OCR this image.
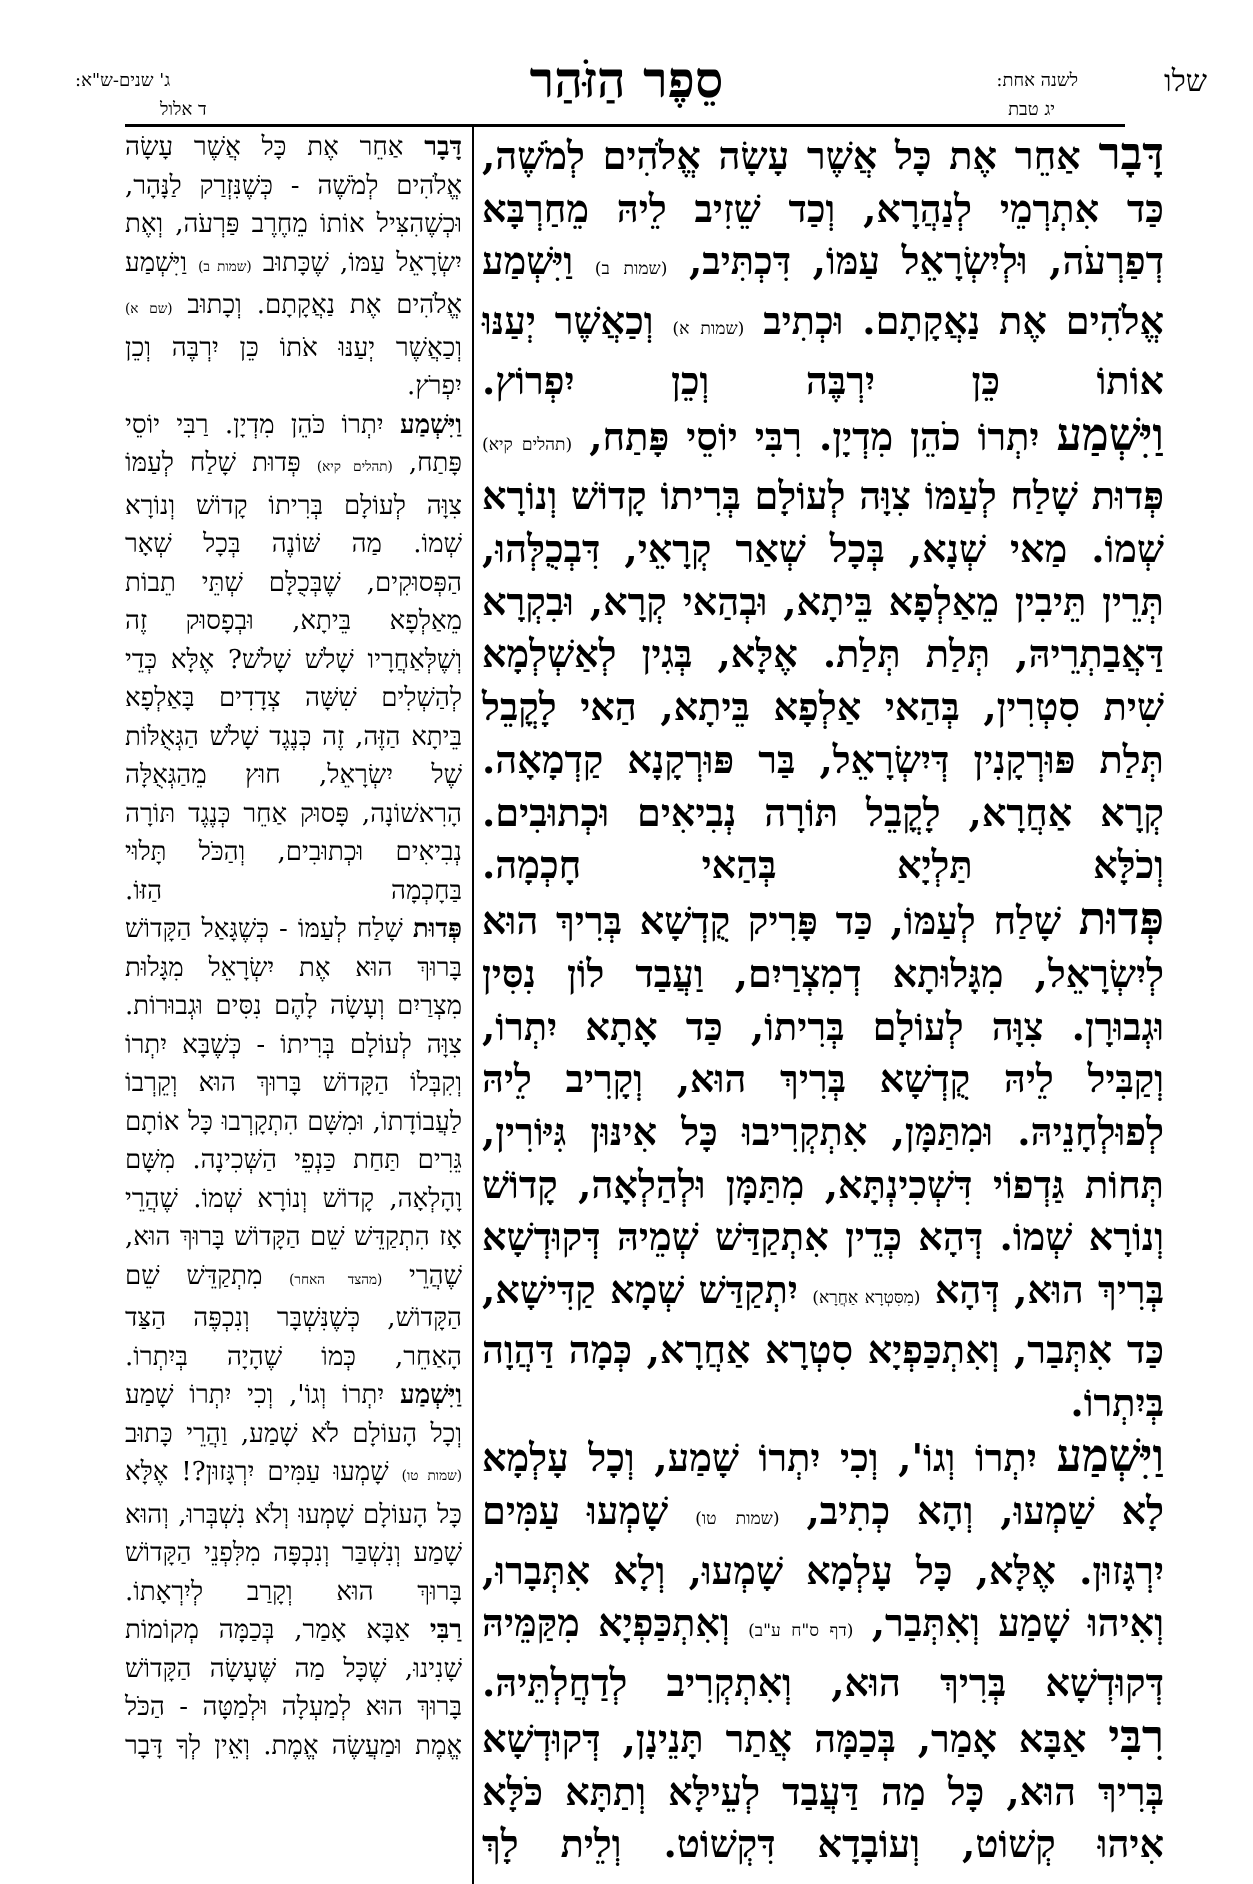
שלו
לשנה אחת:
יג טבת
סֵפֶר הַזֹּהַר
ג' שנים-ש"א:
ד אלול

דָּבָר אַחֵר אֶת כָּל אֲשֶׁר עָשָׂה אֱלֹהִים לְמֹשֶׁה, כַּד אִתְרְמֵי לְנַהֲרָא, וְכַד שֵׁזִיב לֵיהּ מֵחַרְבָּא דְפַרְעֹה, וּלְיִשְׂרָאֵל עַמּוֹ, דִּכְתִּיב, (שמות ב) וַיִּשְׁמַע אֱלֹהִים אֶת נַאֲקָתָם. וּכְתִיב (שמות א) וְכַאֲשֶׁר יְעַנּוּ אוֹתוֹ כֵּן יִרְבֶּה וְכֵן יִפְרוֹץ.

וַיִּשְׁמַע יִתְרוֹ כֹהֵן מִדְיָן. רִבִּי יוֹסֵי פָּתַח, (תהלים קיא) פְּדוּת שָׁלַח לְעַמּוֹ צִוָּה לְעוֹלָם בְּרִיתוֹ קָדוֹשׁ וְנוֹרָא שְׁמוֹ. מַאי שְׁנָא, בְּכָל שְׁאַר קְרָאֵי, דִּבְכֻלְּהוּ, תְּרֵין תֵּיבִין מֵאַלְפָא בֵּיתָא, וּבְהַאי קְרָא, וּבִקְרָא דַּאֲבַתְרֵיהּ, תְּלַת תְּלַת. אֶלָּא, בְּגִין לְאַשְׁלְמָא שִׁית סִטְרִין, בְּהַאי אַלְפָא בֵּיתָא, הַאי לָקֳבֵל תְּלַת פּוּרְקָנִין דְּיִשְׂרָאֵל, בַּר פּוּרְקָנָא קַדְמָאָה. קְרָא אַחֲרָא, לָקֳבֵל תּוֹרָה נְבִיאִים וּכְתוּבִים. וְכֹלָּא תַּלְיָא בְּהַאי חָכְמָה.

פְּדוּת שָׁלַח לְעַמּוֹ, כַּד פָּרִיק קֻדְשָׁא בְּרִיךְ הוּא לְיִשְׂרָאֵל, מִגָּלוּתָא דְמִצְרַיִם, וַעֲבַד לוֹן נִסִּין וּגְבוּרָן. צִוָּה לְעוֹלָם בְּרִיתוֹ, כַּד אָתָא יִתְרוֹ, וְקַבִּיל לֵיהּ קֻדְשָׁא בְּרִיךְ הוּא, וְקָרִיב לֵיהּ לְפוּלְחָנֵיהּ. וּמִתַּמָּן, אִתְקְרִיבוּ כָּל אִינּוּן גִּיּוֹרִין, תְּחוֹת גַּדְפוֹי דִּשְׁכִינְתָּא, מִתַּמָּן וּלְהַלְאָה, קָדוֹשׁ וְנוֹרָא שְׁמוֹ. דְּהָא כְּדֵין אִתְקַדַּשׁ שְׁמֵיהּ דְּקוּדְשָׁא בְּרִיךְ הוּא, דְּהָא (מִסִּטְרָא אַחֲרָא) יִתְקַדַּשׁ שְׁמָא קַדִּישָׁא, כַּד אִתְּבַר, וְאִתְכַּפְיָא סִטְרָא אַחֲרָא, כְּמָה דַּהֲוָה בְּיִתְרוֹ.

וַיִּשְׁמַע יִתְרוֹ וְגוֹ', וְכִי יִתְרוֹ שָׁמַע, וְכָל עָלְמָא לָא שַׁמְעוּ, וְהָא כְתִיב, (שמות טו) שָׁמְעוּ עַמִּים יִרְגָּזוּן. אֶלָּא, כָּל עָלְמָא שָׁמְעוּ, וְלָא אִתְּבָרוּ, וְאִיהוּ שָׁמַע וְאִתְּבַר, (דף ס"ח ע"ב) וְאִתְכַּפְיָא מִקַּמֵּיהּ דְּקוּדְשָׁא בְּרִיךְ הוּא, וְאִתְקְרִיב לְדַחֲלְתֵּיהּ.

רִבִּי אַבָּא אָמַר, בְּכַמָּה אֲתַר תָּנֵינָן, דְּקוּדְשָׁא בְּרִיךְ הוּא, כָּל מַה דַּעֲבַד לְעֵילָּא וְתַתָּא כֹּלָּא אִיהוּ קְשׁוֹט, וְעוֹבָדָא דִּקְשׁוֹט. וְלֵית לָךְ

דָּבָר אַחֵר אֶת כָּל אֲשֶׁר עָשָׂה אֱלֹהִים לְמֹשֶׁה - כְּשֶׁנִּזְרַק לַנָּהָר, וּכְשֶׁהִצִּיל אוֹתוֹ מֵחֶרֶב פַּרְעֹה, וְאֶת יִשְׂרָאֵל עַמּוֹ, שֶׁכָּתוּב (שמות ב) וַיִּשְׁמַע אֱלֹהִים אֶת נַאֲקָתָם. וְכָתוּב (שם א) וְכַאֲשֶׁר יְעַנּוּ אֹתוֹ כֵּן יִרְבֶּה וְכֵן יִפְרֹץ.

וַיִּשְׁמַע יִתְרוֹ כֹּהֵן מִדְיָן. רַבִּי יוֹסֵי פָּתַח, (תהלים קיא) פְּדוּת שָׁלַח לְעַמּוֹ צִוָּה לְעוֹלָם בְּרִיתוֹ קָדוֹשׁ וְנוֹרָא שְׁמוֹ. מַה שּׁוֹנֶה בְּכָל שְׁאָר הַפְּסוּקִים, שֶׁבְּכֻלָּם שְׁתֵּי תֵבוֹת מֵאַלְפָא בֵּיתָא, וּבְפָסוּק זֶה וְשֶׁלְּאַחֲרָיו שָׁלֹשׁ שָׁלֹשׁ? אֶלָּא כְּדֵי לְהַשְׁלִים שִׁשָּׁה צְדָדִים בָּאַלְפָא בֵּיתָא הַזֶּה, זֶה כְּנֶגֶד שָׁלֹשׁ הַגְּאֻלּוֹת שֶׁל יִשְׂרָאֵל, חוּץ מֵהַגְּאֻלָּה הָרִאשׁוֹנָה, פָּסוּק אַחֵר כְּנֶגֶד תּוֹרָה נְבִיאִים וּכְתוּבִים, וְהַכֹּל תָּלוּי בַּחָכְמָה הַזּוֹ.

פְּדוּת שָׁלַח לְעַמּוֹ - כְּשֶׁגָּאַל הַקָּדוֹשׁ בָּרוּךְ הוּא אֶת יִשְׂרָאֵל מִגָּלוּת מִצְרַיִם וְעָשָׂה לָהֶם נִסִּים וּגְבוּרוֹת. צִוָּה לְעוֹלָם בְּרִיתוֹ - כְּשֶׁבָּא יִתְרוֹ וְקִבְּלוֹ הַקָּדוֹשׁ בָּרוּךְ הוּא וְקֵרְבוֹ לַעֲבוֹדָתוֹ, וּמִשָּׁם הִתְקָרְבוּ כָּל אוֹתָם גֵּרִים תַּחַת כַּנְפֵי הַשְּׁכִינָה. מִשָּׁם וָהָלְאָה, קָדוֹשׁ וְנוֹרָא שְׁמוֹ. שֶׁהֲרֵי אָז הִתְקַדֵּשׁ שֵׁם הַקָּדוֹשׁ בָּרוּךְ הוּא, שֶׁהֲרֵי (מהצד האחר) מִתְקַדֵּשׁ שֵׁם הַקָּדוֹשׁ, כְּשֶׁנִּשְׁבָּר וְנִכְפֶּה הַצַּד הָאַחֵר, כְּמוֹ שֶׁהָיָה בְּיִתְרוֹ.

וַיִּשְׁמַע יִתְרוֹ וְגוֹ', וְכִי יִתְרוֹ שָׁמַע וְכָל הָעוֹלָם לֹא שָׁמַע, וַהֲרֵי כָּתוּב (שמות טו) שָׁמְעוּ עַמִּים יִרְגָּזוּן?! אֶלָּא כָּל הָעוֹלָם שָׁמְעוּ וְלֹא נִשְׁבְּרוּ, וְהוּא שָׁמַע וְנִשְׁבַּר וְנִכְפָּה מִלִּפְנֵי הַקָּדוֹשׁ בָּרוּךְ הוּא וְקָרַב לְיִרְאָתוֹ.

רַבִּי אַבָּא אָמַר, בְּכַמָּה מְקוֹמוֹת שָׁנִינוּ, שֶׁכָּל מַה שֶּׁעָשָׂה הַקָּדוֹשׁ בָּרוּךְ הוּא לְמַעְלָה וּלְמַטָּה - הַכֹּל אֱמֶת וּמַעֲשֶׂה אֱמֶת. וְאֵין לְךָ דָּבָר
